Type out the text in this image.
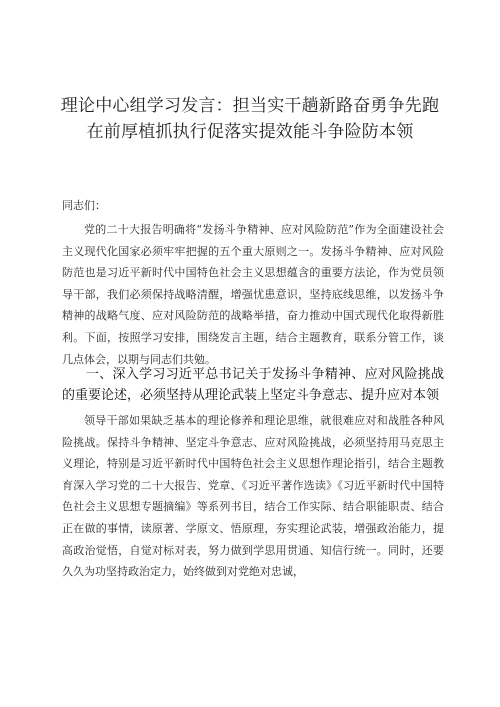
理论中心组学习发言：担当实干趟新路奋勇争先跑在前厚植抓执行促落实提效能斗争险防本领

同志们：

党的二十大报告明确将“发扬斗争精神、应对风险防范”作为全面建设社会主义现代化国家必须牢牢把握的五个重大原则之一。发扬斗争精神、应对风险防范也是习近平新时代中国特色社会主义思想蕴含的重要方法论，作为党员领导干部，我们必须保持战略清醒，增强忧患意识，坚持底线思维，以发扬斗争精神的战略气度、应对风险防范的战略举措，奋力推动中国式现代化取得新胜利。下面，按照学习安排，围绕发言主题，结合主题教育，联系分管工作，谈几点体会，以期与同志们共勉。

一、深入学习习近平总书记关于发扬斗争精神、应对风险挑战的重要论述，必须坚持从理论武装上坚定斗争意志、提升应对本领

领导干部如果缺乏基本的理论修养和理论思维，就很难应对和战胜各种风险挑战。保持斗争精神、坚定斗争意志、应对风险挑战，必须坚持用马克思主义理论，特别是习近平新时代中国特色社会主义思想作理论指引，结合主题教育深入学习党的二十大报告、党章、《习近平著作选读》《习近平新时代中国特色社会主义思想专题摘编》等系列书目，结合工作实际、结合职能职责、结合正在做的事情，读原著、学原文、悟原理，夯实理论武装，增强政治能力，提高政治觉悟，自觉对标对表，努力做到学思用贯通、知信行统一。同时，还要久久为功坚持政治定力，始终做到对党绝对忠诚，
